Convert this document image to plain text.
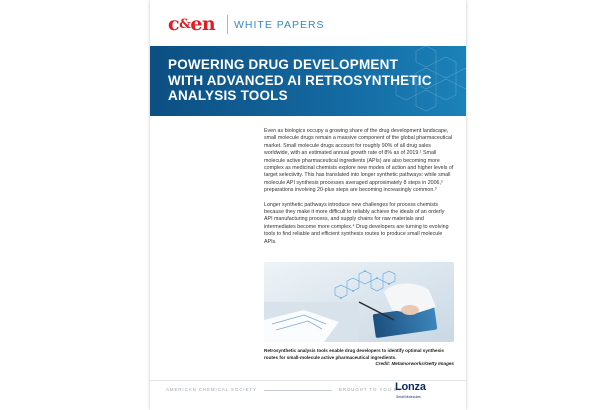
c&en WHITE PAPERS
POWERING DRUG DEVELOPMENT
WITH ADVANCED AI RETROSYNTHETIC
ANALYSIS TOOLS

Even as biologics occupy a growing share of the drug development landscape, small molecule drugs remain a massive component of the global pharmaceutical market. Small molecule drugs account for roughly 90% of all drug sales worldwide, with an estimated annual growth rate of 8% as of 2019.¹ Small molecule active pharmaceutical ingredients (APIs) are also becoming more complex as medicinal chemists explore new modes of action and higher levels of target selectivity. This has translated into longer synthetic pathways: while small molecule API synthesis processes averaged approximately 8 steps in 2006,² preparations involving 20-plus steps are becoming increasingly common.³

Longer synthetic pathways introduce new challenges for process chemists because they make it more difficult to reliably achieve the ideals of an orderly API manufacturing process, and supply chains for raw materials and intermediates become more complex.⁴ Drug developers are turning to evolving tools to find reliable and efficient synthesis routes to produce small molecule APIs.

Retrosynthetic analysis tools enable drug developers to identify optimal synthesis routes for small-molecule active pharmaceutical ingredients.
Credit: Metamorworks/Getty Images
AMERICAN CHEMICAL SOCIETY	BROUGHT TO YOU BY
Lonza
Small Molecules
